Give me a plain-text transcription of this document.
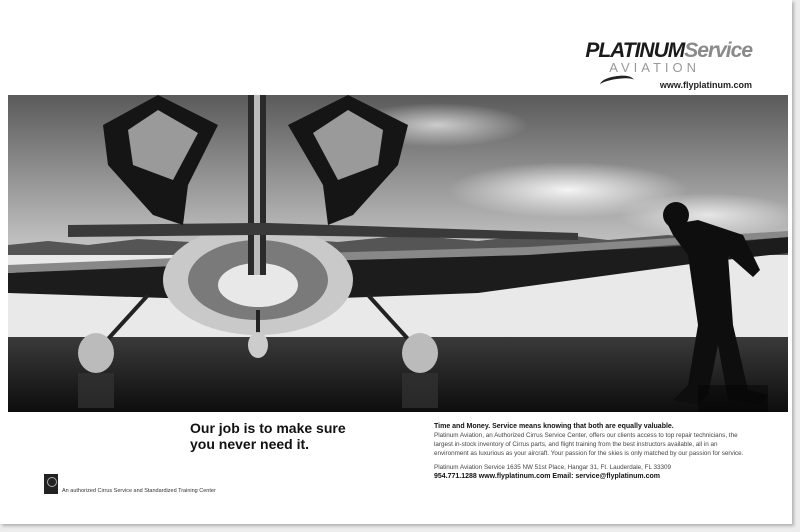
PLATINUMService
AVIATION
www.flyplatinum.com
Every Cirrus comes with
an airframe parachute.
Our job is to make sure
you never need it.
Time and Money. Service means knowing that both are equally valuable.
Platinum Aviation, an Authorized Cirrus Service Center, offers our clients access to top repair technicians, the largest in-stock inventory of Cirrus parts, and flight training from the best instructors available, all in an environment as luxurious as your aircraft. Your passion for the skies is only matched by our passion for service.
Platinum Aviation Service 1635 NW 51st Place, Hangar 31, Ft. Lauderdale, FL 33309
954.771.1288 www.flyplatinum.com Email: service@flyplatinum.com
An authorized Cirrus Service and Standardized Training Center
